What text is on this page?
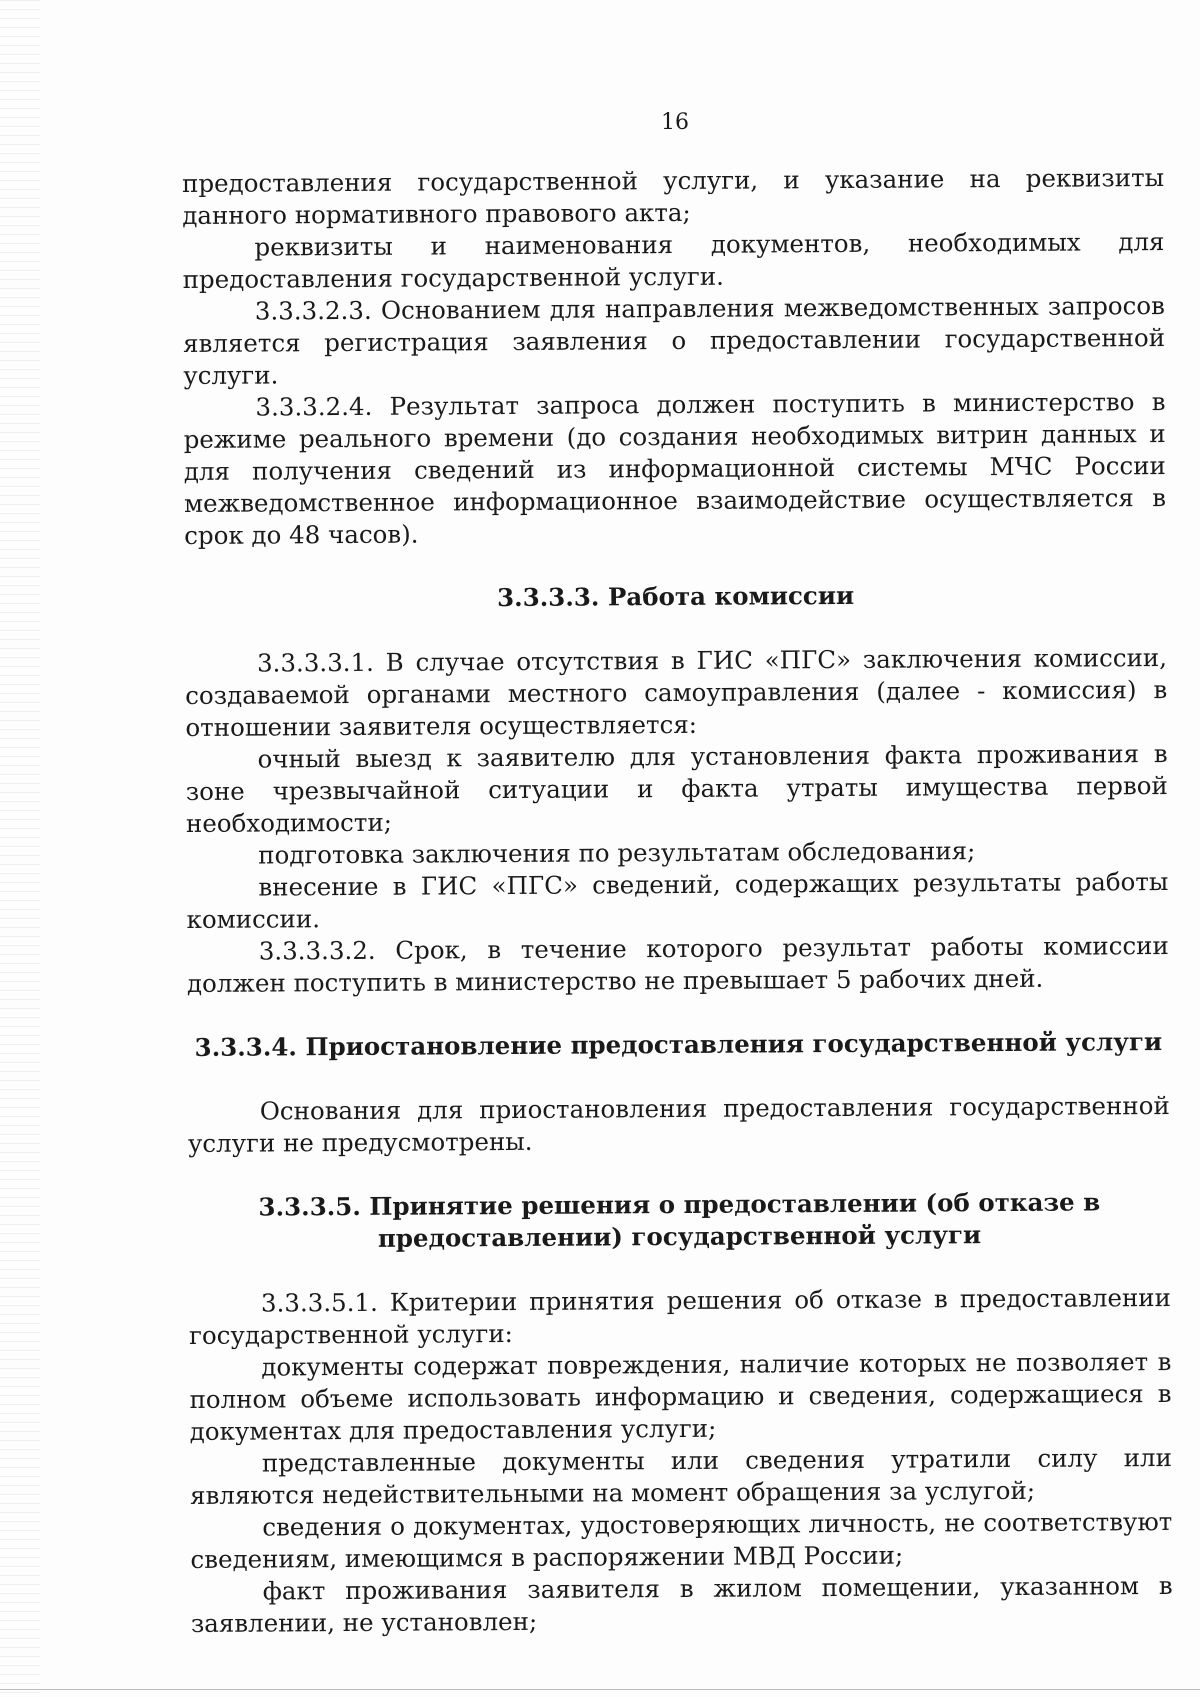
16

предоставления государственной услуги, и указание на реквизиты данного нормативного правового акта;

реквизиты и наименования документов, необходимых для предоставления государственной услуги.

3.3.3.2.3. Основанием для направления межведомственных запросов является регистрация заявления о предоставлении государственной услуги.

3.3.3.2.4. Результат запроса должен поступить в министерство в режиме реального времени (до создания необходимых витрин данных и для получения сведений из информационной системы МЧС России межведомственное информационное взаимодействие осуществляется в срок до 48 часов).

3.3.3.3. Работа комиссии

3.3.3.3.1. В случае отсутствия в ГИС «ПГС» заключения комиссии, создаваемой органами местного самоуправления (далее - комиссия) в отношении заявителя осуществляется:

очный выезд к заявителю для установления факта проживания в зоне чрезвычайной ситуации и факта утраты имущества первой необходимости;

подготовка заключения по результатам обследования;

внесение в ГИС «ПГС» сведений, содержащих результаты работы комиссии.

3.3.3.3.2. Срок, в течение которого результат работы комиссии должен поступить в министерство не превышает 5 рабочих дней.

3.3.3.4. Приостановление предоставления государственной услуги

Основания для приостановления предоставления государственной услуги не предусмотрены.

3.3.3.5. Принятие решения о предоставлении (об отказе в предоставлении) государственной услуги

3.3.3.5.1. Критерии принятия решения об отказе в предоставлении государственной услуги:

документы содержат повреждения, наличие которых не позволяет в полном объеме использовать информацию и сведения, содержащиеся в документах для предоставления услуги;

представленные документы или сведения утратили силу или являются недействительными на момент обращения за услугой;

сведения о документах, удостоверяющих личность, не соответствуют сведениям, имеющимся в распоряжении МВД России;

факт проживания заявителя в жилом помещении, указанном в заявлении, не установлен;
